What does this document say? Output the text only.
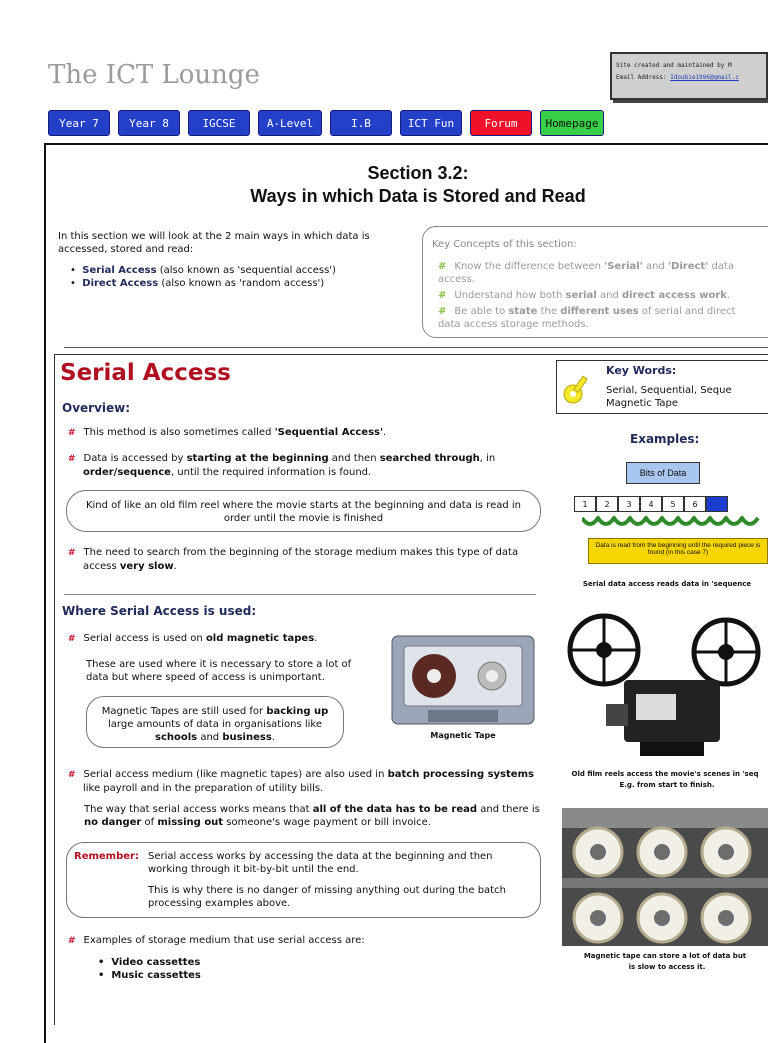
The ICT Lounge	Site created and maintained by M
Email Address: Idoubie1996@gmail.c
Year 7	Year 8	IGCSE	A-Level	I.B	ICT Fun	Forum	Homepage
Section 3.2:
Ways in which Data is Stored and Read
In this section we will look at the 2 main ways in which data is accessed, stored and read:
•  Serial Access (also known as 'sequential access')
•  Direct Access (also known as 'random access')
Key Concepts of this section:
# Know the difference between 'Serial' and 'Direct' data access.
# Understand how both serial and direct access work.
# Be able to state the different uses of serial and direct data access storage methods.
Serial Access
Overview:
# This method is also sometimes called 'Sequential Access'.
# Data is accessed by starting at the beginning and then searched through, in order/sequence, until the required information is found.
Kind of like an old film reel where the movie starts at the beginning and data is read in order until the movie is finished
# The need to search from the beginning of the storage medium makes this type of data access very slow.
Where Serial Access is used:
# Serial access is used on old magnetic tapes.
These are used where it is necessary to store a lot of data but where speed of access is unimportant.
Magnetic Tapes are still used for backing up large amounts of data in organisations like schools and business.	Magnetic Tape
# Serial access medium (like magnetic tapes) are also used in batch processing systems like payroll and in the preparation of utility bills.
The way that serial access works means that all of the data has to be read and there is no danger of missing out someone's wage payment or bill invoice.
Remember: Serial access works by accessing the data at the beginning and then working through it bit-by-bit until the end.
This is why there is no danger of missing anything out during the batch processing examples above.
# Examples of storage medium that use serial access are:
•  Video cassettes
•  Music cassettes
Key Words:
Serial, Sequential, Seque Magnetic Tape
Examples:
Bits of Data
1	2	3	4	5	6
Data is read from the beginning until the required piece is found (in this case 7)
Serial data access reads data in 'sequence
Old film reels access the movie's scenes in 'seq
E.g. from start to finish.
Magnetic tape can store a lot of data but
is slow to access it.
